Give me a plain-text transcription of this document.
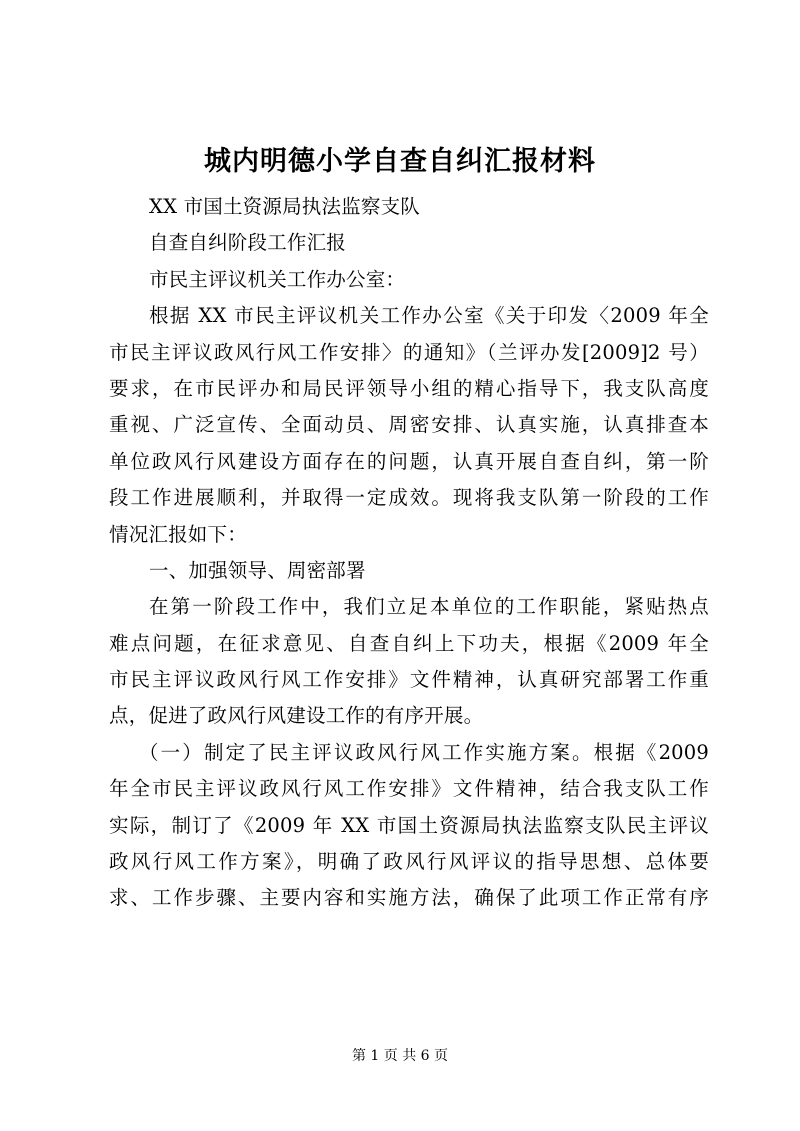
城内明德小学自查自纠汇报材料
XX 市国土资源局执法监察支队
自查自纠阶段工作汇报
市民主评议机关工作办公室：
根据 XX 市民主评议机关工作办公室《关于印发〈2009 年全
市民主评议政风行风工作安排〉的通知》（兰评办发[2009]2 号）
要求，在市民评办和局民评领导小组的精心指导下，我支队高度
重视、广泛宣传、全面动员、周密安排、认真实施，认真排查本
单位政风行风建设方面存在的问题，认真开展自查自纠，第一阶
段工作进展顺利，并取得一定成效。现将我支队第一阶段的工作
情况汇报如下：
一、加强领导、周密部署
在第一阶段工作中，我们立足本单位的工作职能，紧贴热点
难点问题，在征求意见、自查自纠上下功夫，根据《2009 年全
市民主评议政风行风工作安排》文件精神，认真研究部署工作重
点，促进了政风行风建设工作的有序开展。
（一）制定了民主评议政风行风工作实施方案。根据《2009
年全市民主评议政风行风工作安排》文件精神，结合我支队工作
实际，制订了《2009 年 XX 市国土资源局执法监察支队民主评议
政风行风工作方案》，明确了政风行风评议的指导思想、总体要
求、工作步骤、主要内容和实施方法，确保了此项工作正常有序
第 1 页 共 6 页
